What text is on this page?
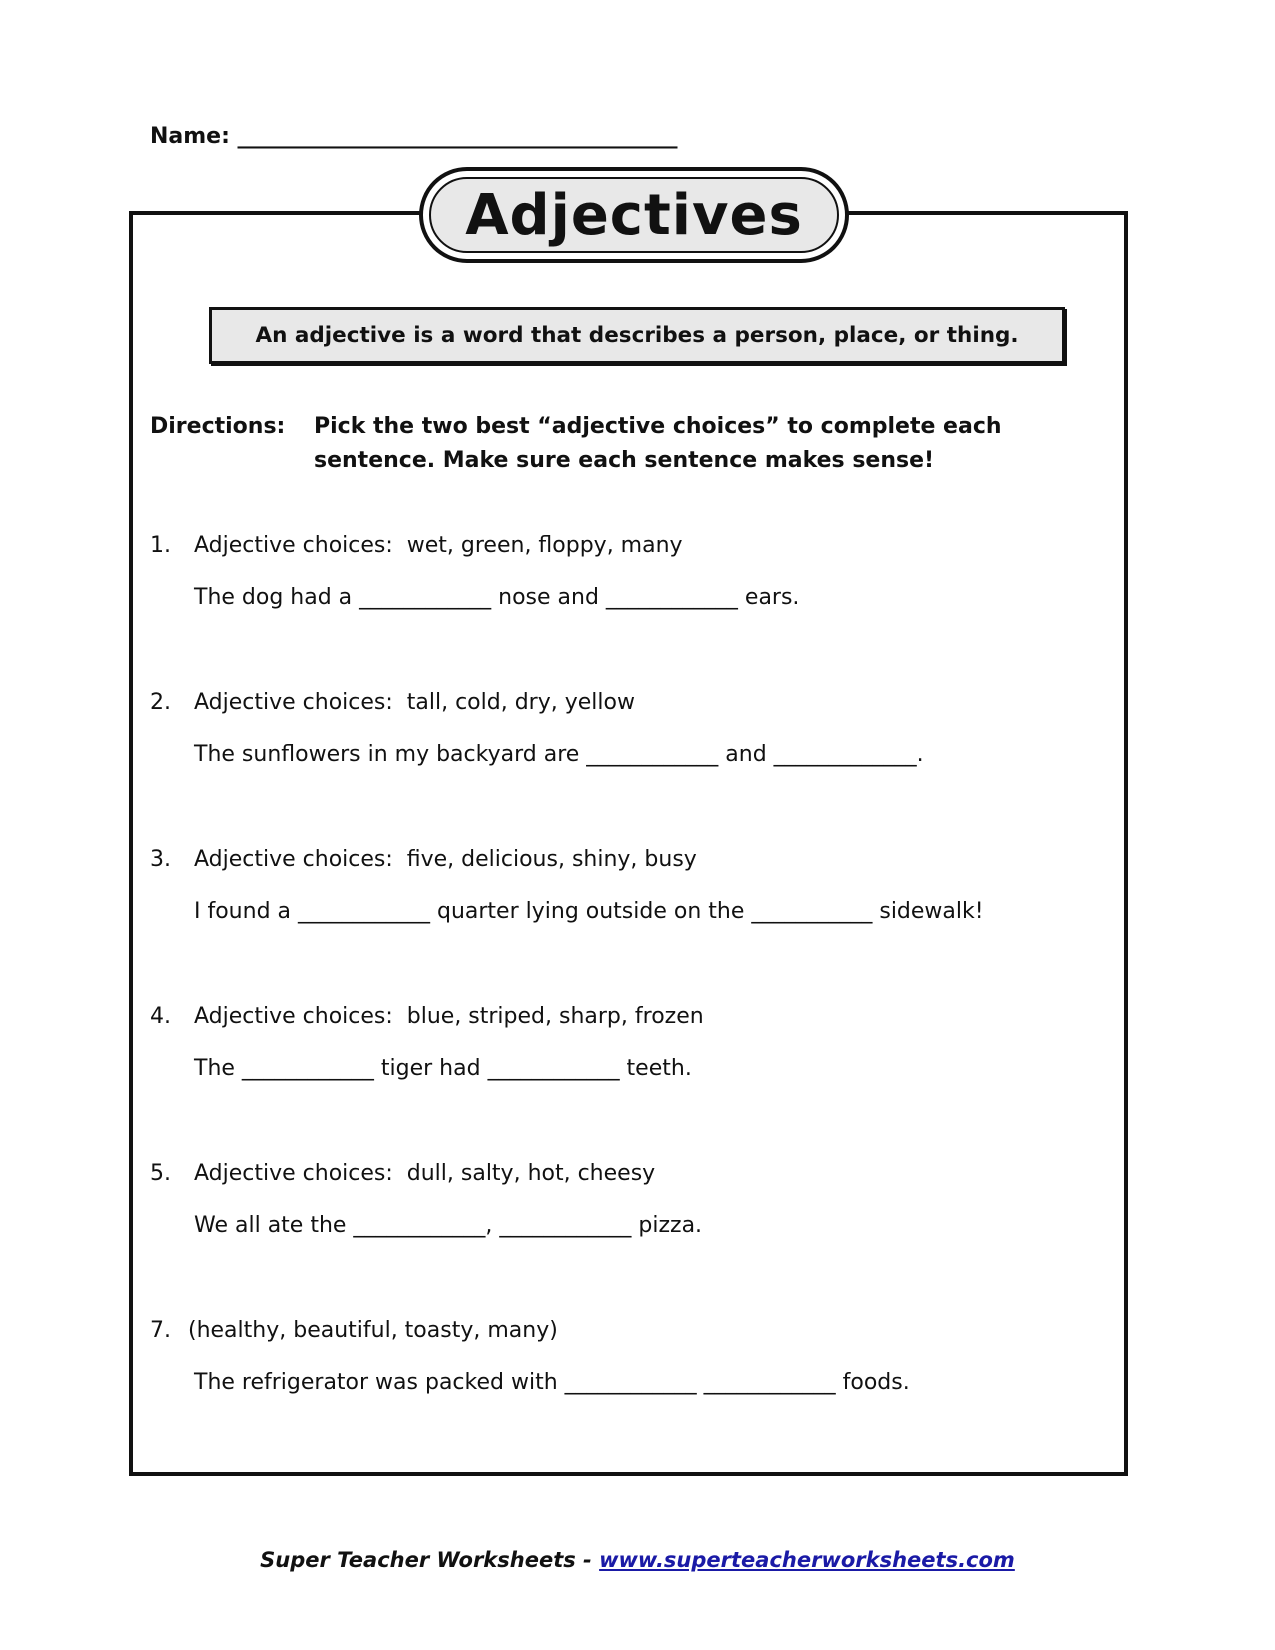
Name: ________________________________________
Adjectives
An adjective is a word that describes a person, place, or thing.
Directions: Pick the two best “adjective choices” to complete each sentence. Make sure each sentence makes sense!
1. Adjective choices:  wet, green, floppy, many
The dog had a ____________ nose and ____________ ears.
2. Adjective choices:  tall, cold, dry, yellow
The sunflowers in my backyard are ____________ and _____________.
3. Adjective choices:  five, delicious, shiny, busy
I found a ____________ quarter lying outside on the ___________ sidewalk!
4. Adjective choices:  blue, striped, sharp, frozen
The ____________ tiger had ____________ teeth.
5. Adjective choices:  dull, salty, hot, cheesy
We all ate the ____________, ____________ pizza.
7. (healthy, beautiful, toasty, many)
The refrigerator was packed with ____________ ____________ foods.
Super Teacher Worksheets - www.superteacherworksheets.com
